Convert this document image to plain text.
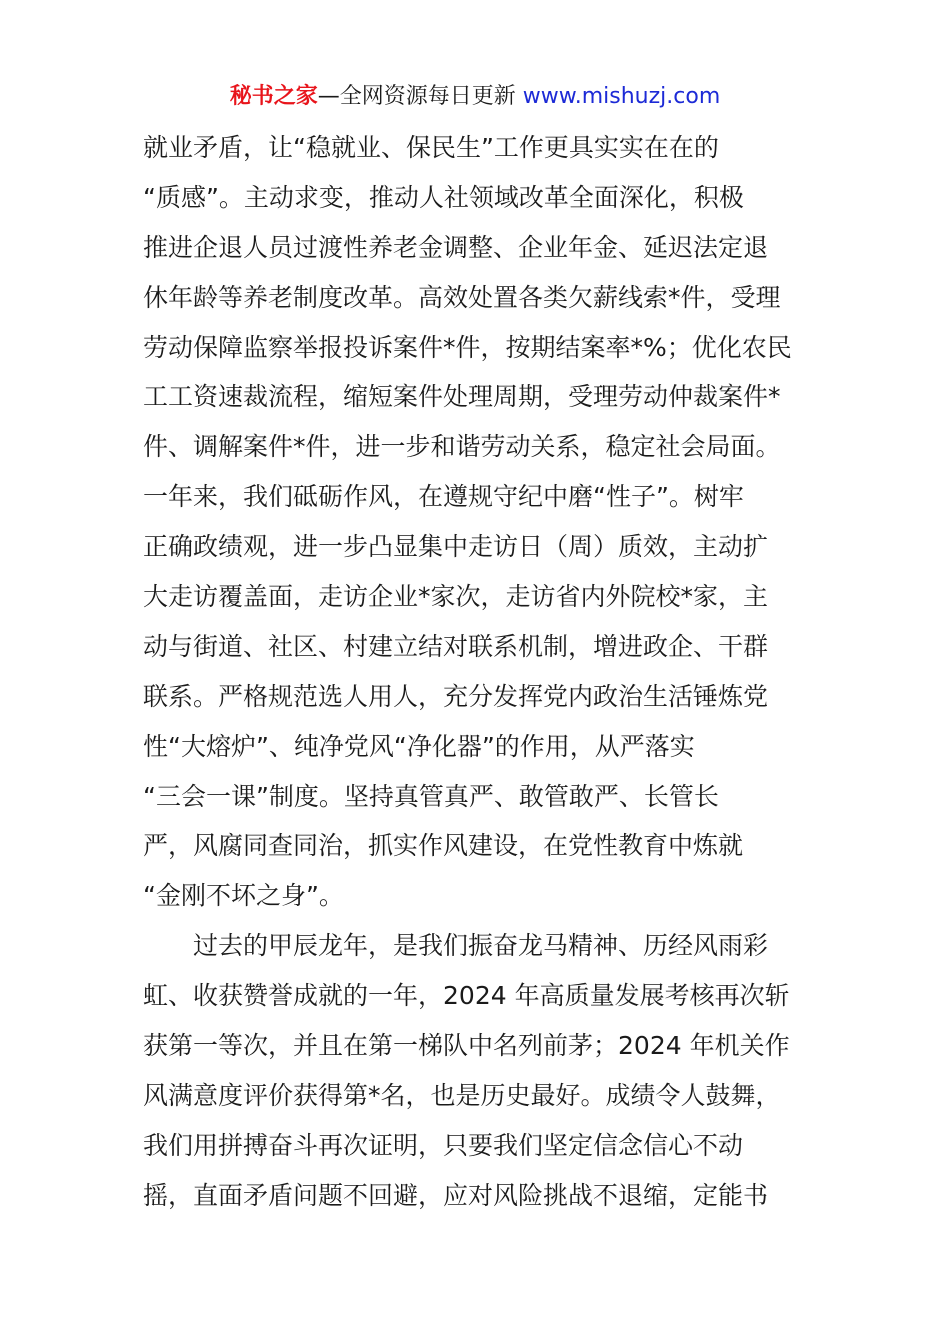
秘书之家—全网资源每日更新 www.mishuzj.com
就业矛盾，让“稳就业、保民生”工作更具实实在在的
“质感”。主动求变，推动人社领域改革全面深化，积极
推进企退人员过渡性养老金调整、企业年金、延迟法定退
休年龄等养老制度改革。高效处置各类欠薪线索*件，受理
劳动保障监察举报投诉案件*件，按期结案率*%；优化农民
工工资速裁流程，缩短案件处理周期，受理劳动仲裁案件*
件、调解案件*件，进一步和谐劳动关系，稳定社会局面。
一年来，我们砥砺作风，在遵规守纪中磨“性子”。树牢
正确政绩观，进一步凸显集中走访日（周）质效，主动扩
大走访覆盖面，走访企业*家次，走访省内外院校*家，主
动与街道、社区、村建立结对联系机制，增进政企、干群
联系。严格规范选人用人，充分发挥党内政治生活锤炼党
性“大熔炉”、纯净党风“净化器”的作用，从严落实
“三会一课”制度。坚持真管真严、敢管敢严、长管长
严，风腐同查同治，抓实作风建设，在党性教育中炼就
“金刚不坏之身”。
　　过去的甲辰龙年，是我们振奋龙马精神、历经风雨彩
虹、收获赞誉成就的一年，2024 年高质量发展考核再次斩
获第一等次，并且在第一梯队中名列前茅；2024 年机关作
风满意度评价获得第*名，也是历史最好。成绩令人鼓舞，
我们用拼搏奋斗再次证明，只要我们坚定信念信心不动
摇，直面矛盾问题不回避，应对风险挑战不退缩，定能书
